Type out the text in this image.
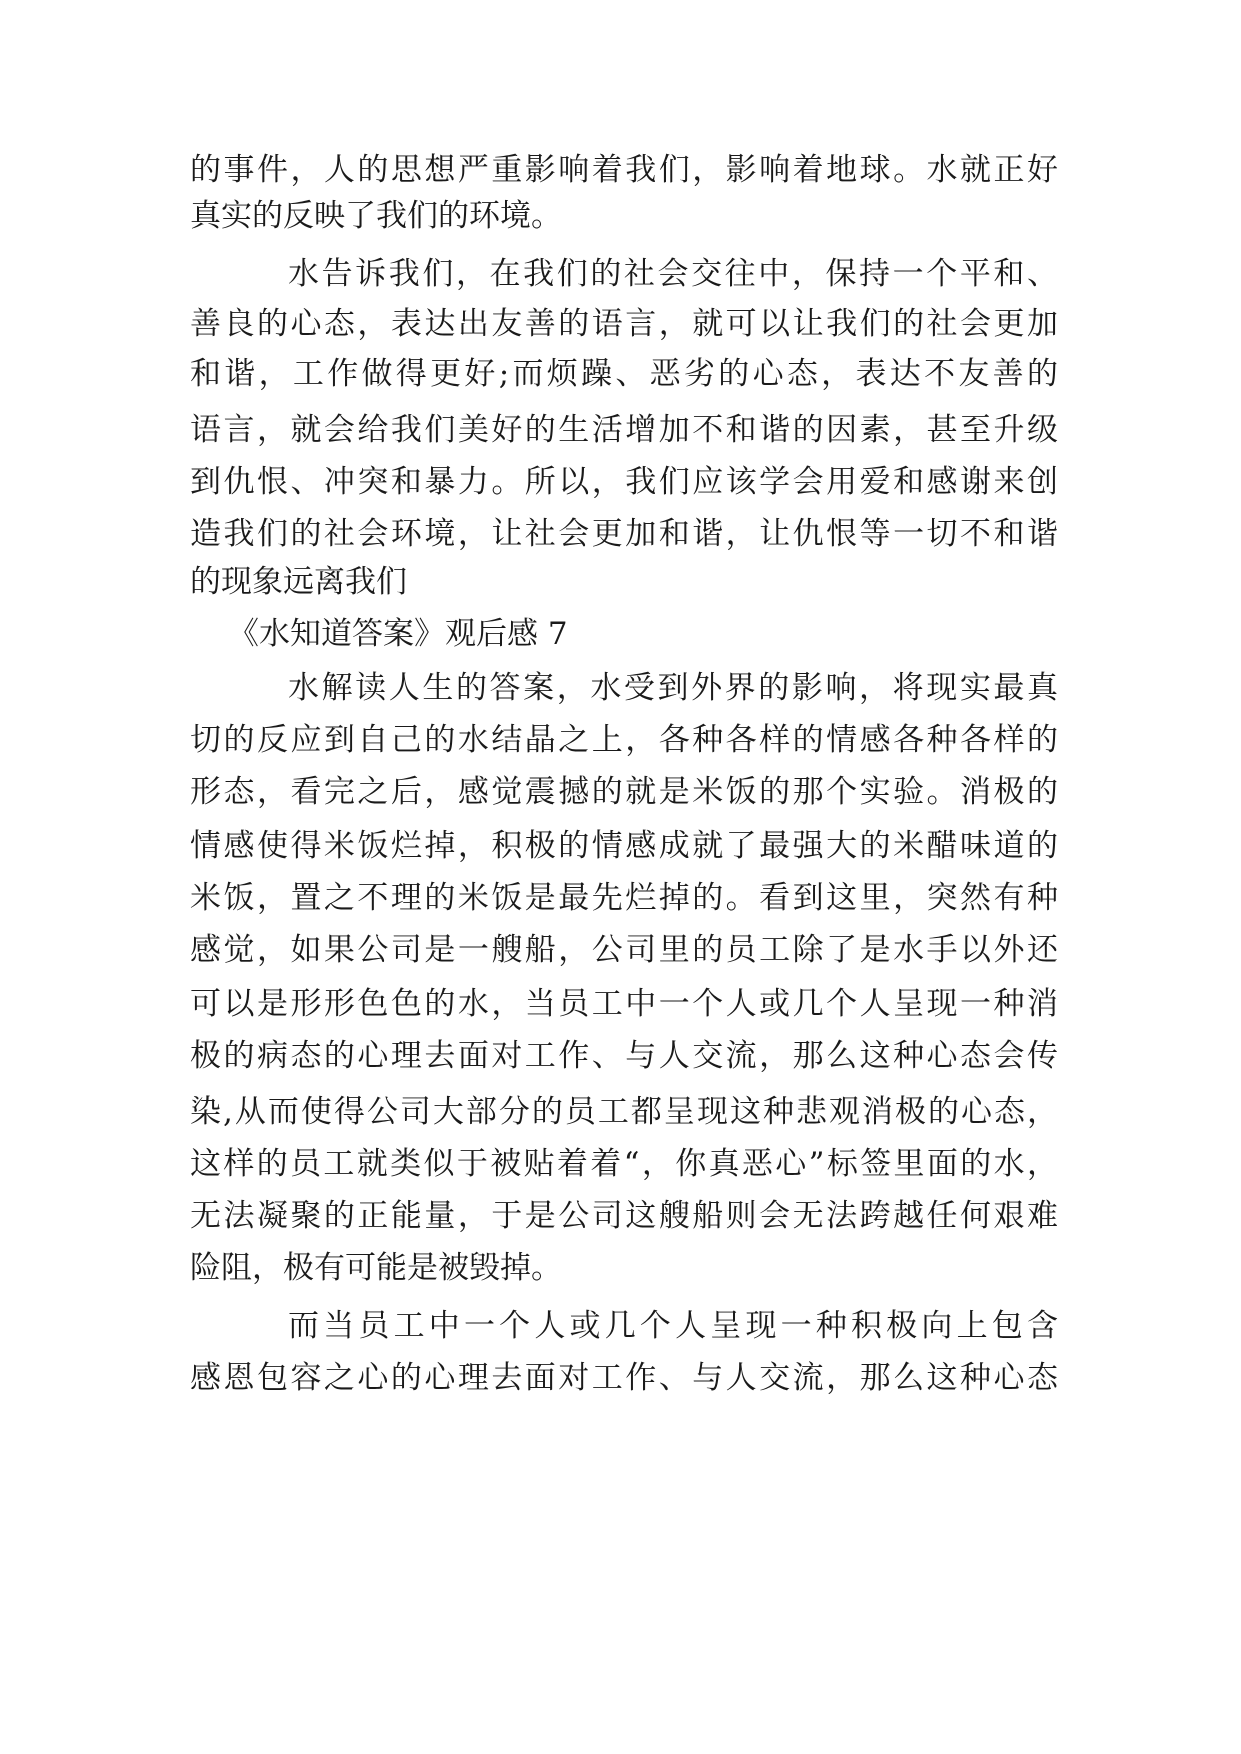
的事件，人的思想严重影响着我们，影响着地球。水就正好
真实的反映了我们的环境。
水告诉我们，在我们的社会交往中，保持一个平和、
善良的心态，表达出友善的语言，就可以让我们的社会更加
和谐，工作做得更好;而烦躁、恶劣的心态，表达不友善的
语言，就会给我们美好的生活增加不和谐的因素，甚至升级
到仇恨、冲突和暴力。所以，我们应该学会用爱和感谢来创
造我们的社会环境，让社会更加和谐，让仇恨等一切不和谐
的现象远离我们
《水知道答案》观后感 7
水解读人生的答案，水受到外界的影响，将现实最真
切的反应到自己的水结晶之上，各种各样的情感各种各样的
形态，看完之后，感觉震撼的就是米饭的那个实验。消极的
情感使得米饭烂掉，积极的情感成就了最强大的米醋味道的
米饭，置之不理的米饭是最先烂掉的。看到这里，突然有种
感觉，如果公司是一艘船，公司里的员工除了是水手以外还
可以是形形色色的水，当员工中一个人或几个人呈现一种消
极的病态的心理去面对工作、与人交流，那么这种心态会传
染,从而使得公司大部分的员工都呈现这种悲观消极的心态，
这样的员工就类似于被贴着着“，你真恶心”标签里面的水，
无法凝聚的正能量，于是公司这艘船则会无法跨越任何艰难
险阻，极有可能是被毁掉。
而当员工中一个人或几个人呈现一种积极向上包含
感恩包容之心的心理去面对工作、与人交流，那么这种心态
